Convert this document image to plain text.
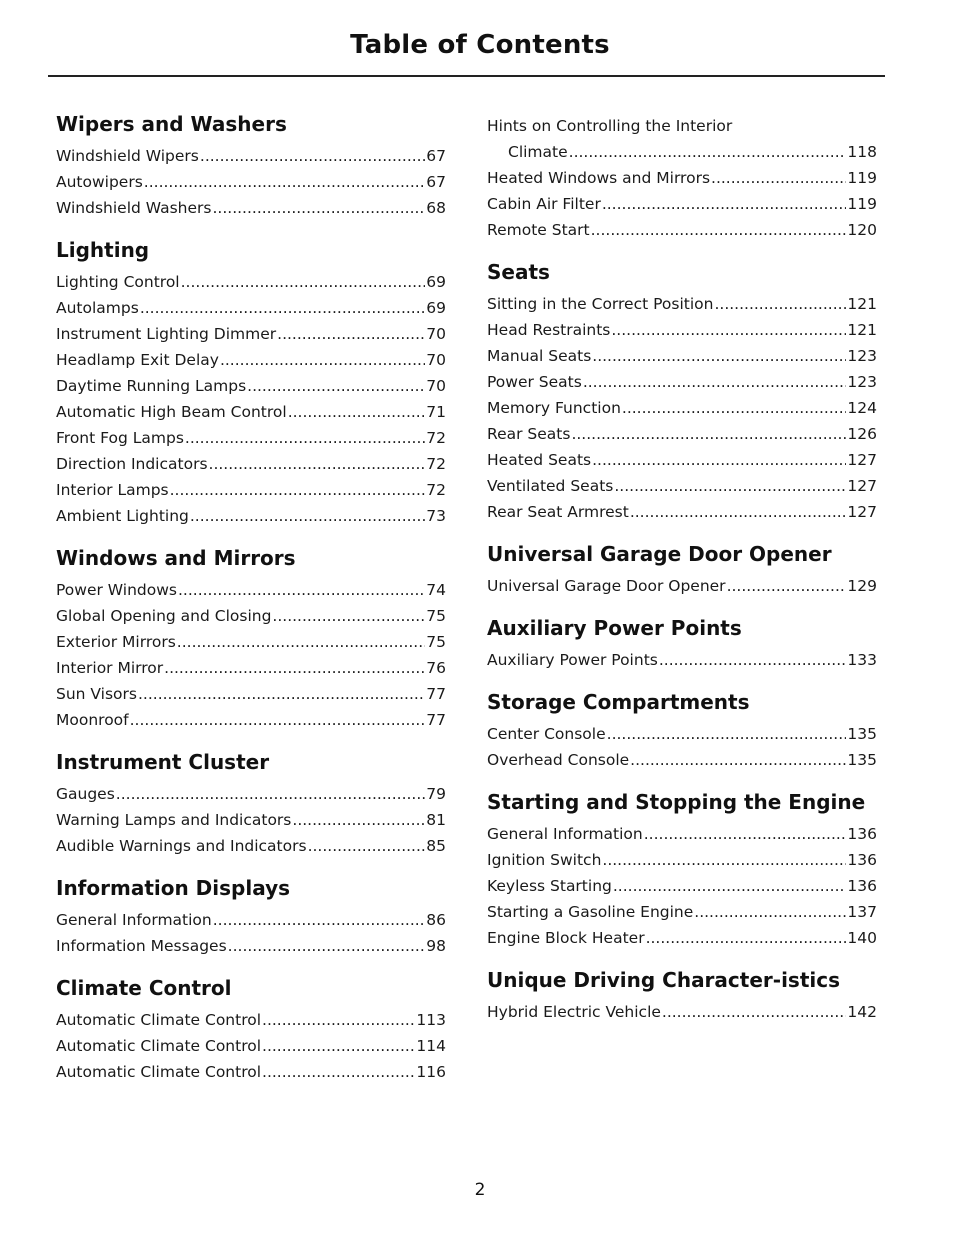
Table of Contents
Wipers and Washers
Windshield Wipers .....	67
Autowipers .....	67
Windshield Washers .....	68
Lighting
Lighting Control .....	69
Autolamps .....	69
Instrument Lighting Dimmer .....	70
Headlamp Exit Delay .....	70
Daytime Running Lamps .....	70
Automatic High Beam Control .....	71
Front Fog Lamps .....	72
Direction Indicators .....	72
Interior Lamps .....	72
Ambient Lighting .....	73
Windows and Mirrors
Power Windows .....	74
Global Opening and Closing .....	75
Exterior Mirrors .....	75
Interior Mirror .....	76
Sun Visors .....	77
Moonroof .....	77
Instrument Cluster
Gauges .....	79
Warning Lamps and Indicators .....	81
Audible Warnings and Indicators .....	85
Information Displays
General Information .....	86
Information Messages .....	98
Climate Control
Automatic Climate Control .....	113
Automatic Climate Control .....	114
Automatic Climate Control .....	116
Hints on Controlling the Interior
Climate .....	118
Heated Windows and Mirrors .....	119
Cabin Air Filter .....	119
Remote Start .....	120
Seats
Sitting in the Correct Position .....	121
Head Restraints .....	121
Manual Seats .....	123
Power Seats .....	123
Memory Function .....	124
Rear Seats .....	126
Heated Seats .....	127
Ventilated Seats .....	127
Rear Seat Armrest .....	127
Universal Garage Door Opener
Universal Garage Door Opener .....	129
Auxiliary Power Points
Auxiliary Power Points .....	133
Storage Compartments
Center Console .....	135
Overhead Console .....	135
Starting and Stopping the Engine
General Information .....	136
Ignition Switch .....	136
Keyless Starting .....	136
Starting a Gasoline Engine .....	137
Engine Block Heater .....	140
Unique Driving Character-istics
Hybrid Electric Vehicle .....	142
2
